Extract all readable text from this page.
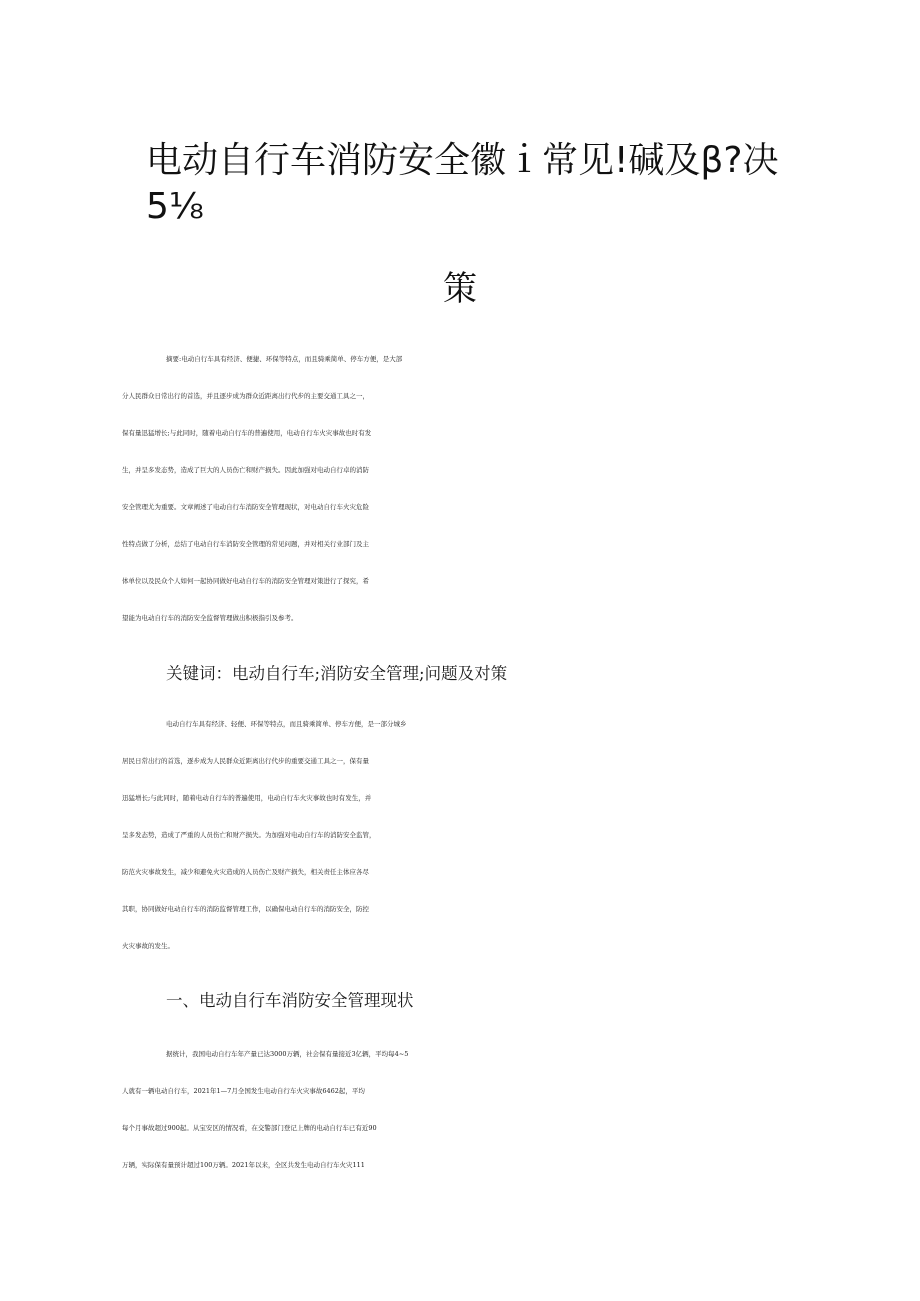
电动自行车消防安全徽ｉ常见!碱及β?决
5⅛
策
摘要:电动自行车具有经济、便捷、环保等特点，而且骑乘简单、停车方便，是大部
分人民群众日常出行的首选，并且逐步成为群众近距离出行代步的主要交通工具之一，
保有量迅猛增长;与此同时，随着电动自行车的普遍使用，电动自行车火灾事故也时有发
生，并呈多发态势，造成了巨大的人员伤亡和财产损失。因此加强对电动自行卓的消防
安全管理尤为重要。文章阐述了电动自行车消防安全管理现状，对电动自行车火灾危险
性特点做了分析，总结了电动自行车消防安全管理的常见问题，并对相关行业部门及主
体单位以及民众个人如何一起协同做好电动自行车的消防安全管理对策进行了探究，希
望能为电动自行车的消防安全监督管理做出积极指引及参考。

关键词：电动自行车;消防安全管理;问题及对策

电动自行车具有经济、轻便、环保等特点，而且骑乘简单、停车方便，是一部分城乡
居民日常出行的首选，逐步成为人民群众近距离出行代步的重要交通工具之一，保有量
迅猛增长;与此同时，随着电动自行车的普遍使用，电动自行车火灾事故也时有发生，并
呈多发态势，造成了严重的人员伤亡和财产损失。为加强对电动自行车的消防安全监管，
防范火灾事故发生，减少和避免火灾造成的人员伤亡及财产损失，相关责任主体应各尽
其职，协同做好电动自行车的消防监督管理工作，以确保电动自行车的消防安全，防控
火灾事故的发生。

一、电动自行车消防安全管理现状

据统计，我国电动自行车年产量已达3000万辆，社会保有量接近3亿辆，平均每4~5
人就有一辆电动自行车，2021年1—7月全国发生电动自行车火灾事故6462起，平均
每个月事故超过900起。从宝安区的情况看，在交警部门登记上牌的电动自行车已有近90
万辆，实际保有量预计超过100万辆。2021年以来，全区共发生电动自行车火灾111
